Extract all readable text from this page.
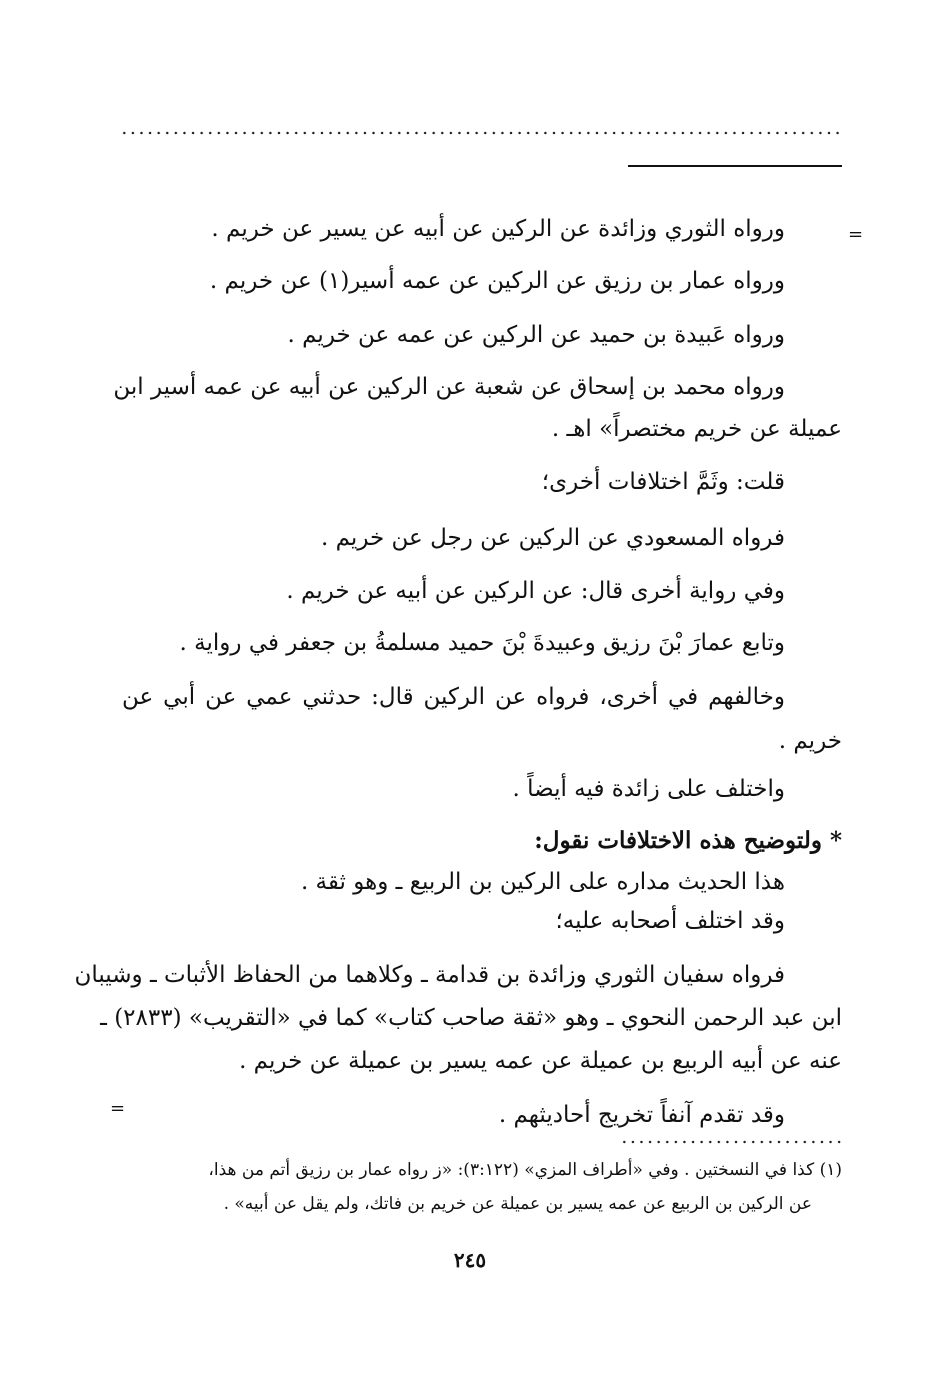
=
=
ورواه الثوري وزائدة عن الركين عن أبيه عن يسير عن خريم .
ورواه عمار بن رزيق عن الركين عن عمه أسير(١) عن خريم .
ورواه عَبيدة بن حميد عن الركين عن عمه عن خريم .
ورواه محمد بن إسحاق عن شعبة عن الركين عن أبيه عن عمه أسير ابن
عميلة عن خريم مختصراً» اهـ .
قلت: وثَمَّ اختلافات أخرى؛
فرواه المسعودي عن الركين عن رجل عن خريم .
وفي رواية أخرى قال: عن الركين عن أبيه عن خريم .
وتابع عمارَ بْنَ رزيق وعبيدةَ بْنَ حميد مسلمةُ بن جعفر في رواية .
وخالفهم في أخرى، فرواه عن الركين قال: حدثني عمي عن أبي عن
خريم .
واختلف على زائدة فيه أيضاً .
* ولتوضيح هذه الاختلافات نقول:
هذا الحديث مداره على الركين بن الربيع ـ وهو ثقة .
وقد اختلف أصحابه عليه؛
فرواه سفيان الثوري وزائدة بن قدامة ـ وكلاهما من الحفاظ الأثبات ـ وشيبان
ابن عبد الرحمن النحوي ـ وهو «ثقة صاحب كتاب» كما في «التقريب» (٢٨٣٣) ـ
عنه عن أبيه الربيع بن عميلة عن عمه يسير بن عميلة عن خريم .
وقد تقدم آنفاً تخريج أحاديثهم .
(١) كذا في النسختين . وفي «أطراف المزي» (٣:١٢٢): «ز رواه عمار بن رزيق أتم من هذا،
عن الركين بن الربيع عن عمه يسير بن عميلة عن خريم بن فاتك، ولم يقل عن أبيه» .
٢٤٥
